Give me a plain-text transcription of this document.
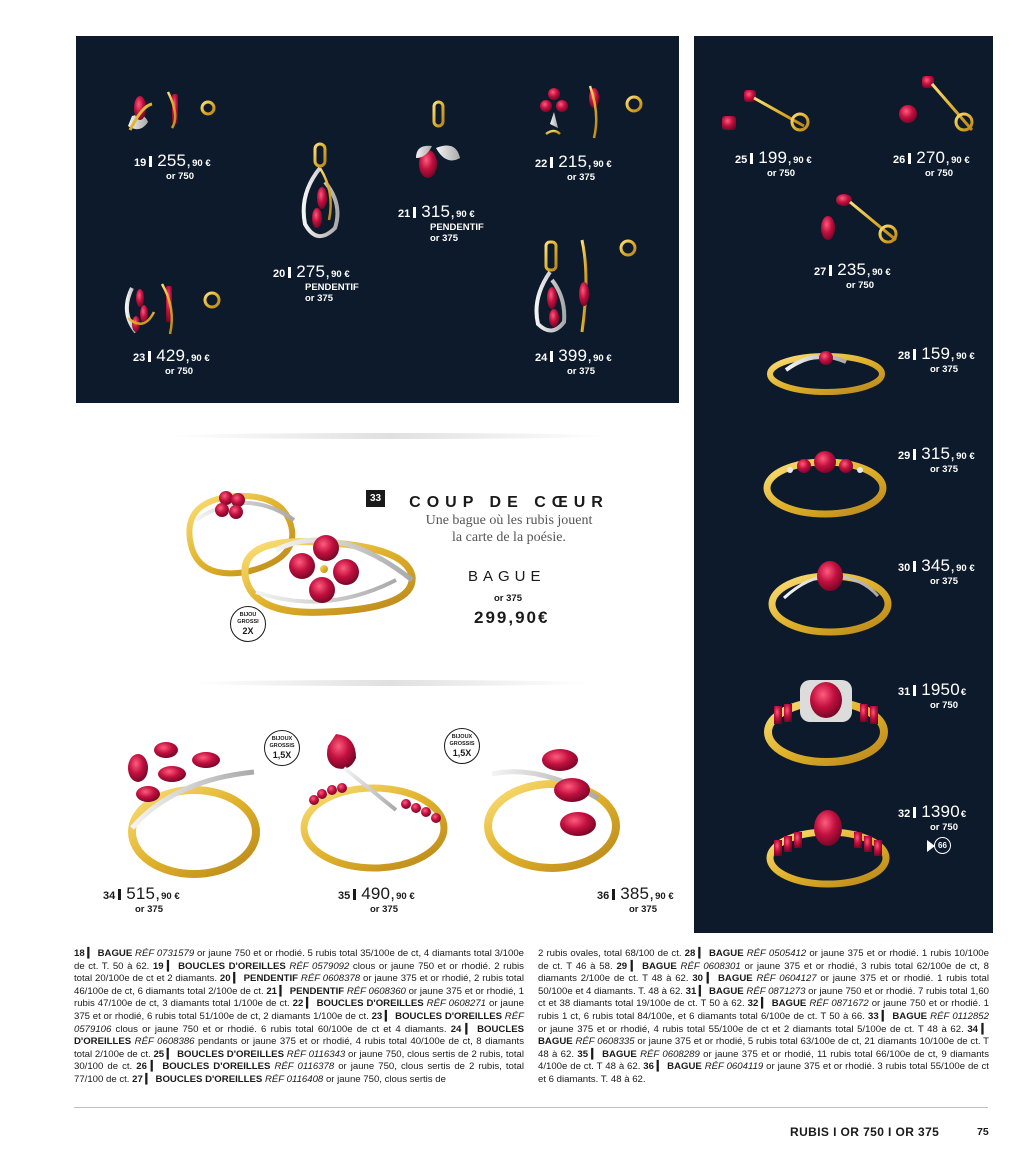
19 255, 90 €
or 750
20 275, 90 €
PENDENTIF
or 375
21 315, 90 €
PENDENTIF
or 375
22 215, 90 €
or 375
23 429, 90 €
or 750
24 399, 90 €
or 375
25 199, 90 €
or 750
26 270, 90 €
or 750
27 235, 90 €
or 750
28 159, 90 €
or 375
29 315, 90 €
or 375
30 345, 90 €
or 375
31 1950 €
or 750
32 1390 €
or 750
66
BIJOU
GROSSI
2X
33	COUP DE CŒUR
Une bague où les rubis jouent
la carte de la poésie.
BAGUE
or 375
299,90€
BIJOUX
GROSSIS
1,5X
34 515, 90 €
or 375
BIJOUX
GROSSIS
1,5X
35 490, 90 €
or 375
36 385, 90 €
or 375
18 ▎ BAGUE RÉF 0731579 or jaune 750 et or rhodié. 5 rubis total 35/100e de ct, 4 diamants total 3/100e de ct. T. 50 à 62. 19 ▎ BOUCLES D'OREILLES RÉF 0579092 clous or jaune 750 et or rhodié. 2 rubis total 20/100e de ct et 2 diamants. 20 ▎ PENDENTIF RÉF 0608378 or jaune 375 et or rhodié, 2 rubis total 46/100e de ct, 6 diamants total 2/100e de ct. 21 ▎ PENDENTIF RÉF 0608360 or jaune 375 et or rhodié, 1 rubis 47/100e de ct, 3 diamants total 1/100e de ct. 22 ▎ BOUCLES D'OREILLES RÉF 0608271 or jaune 375 et or rhodié, 6 rubis total 51/100e de ct, 2 diamants 1/100e de ct. 23 ▎ BOUCLES D'OREILLES RÉF 0579106 clous or jaune 750 et or rhodié. 6 rubis total 60/100e de ct et 4 diamants. 24 ▎ BOUCLES D'OREILLES RÉF 0608386 pendants or jaune 375 et or rhodié, 4 rubis total 40/100e de ct, 8 diamants total 2/100e de ct. 25 ▎ BOUCLES D'OREILLES RÉF 0116343 or jaune 750, clous sertis de 2 rubis, total 30/100 de ct. 26 ▎ BOUCLES D'OREILLES RÉF 0116378 or jaune 750, clous sertis de 2 rubis, total 77/100 de ct. 27 ▎ BOUCLES D'OREILLES RÉF 0116408 or jaune 750, clous sertis de
2 rubis ovales, total 68/100 de ct. 28 ▎ BAGUE RÉF 0505412 or jaune 375 et or rhodié. 1 rubis 10/100e de ct. T 46 à 58. 29 ▎ BAGUE RÉF 0608301 or jaune 375 et or rhodié, 3 rubis total 62/100e de ct, 8 diamants 2/100e de ct. T 48 à 62. 30 ▎ BAGUE RÉF 0604127 or jaune 375 et or rhodié. 1 rubis total 50/100e et 4 diamants. T. 48 à 62. 31 ▎ BAGUE RÉF 0871273 or jaune 750 et or rhodié. 7 rubis total 1,60 ct et 38 diamants total 19/100e de ct. T 50 à 62. 32 ▎ BAGUE RÉF 0871672 or jaune 750 et or rhodié. 1 rubis 1 ct, 6 rubis total 84/100e, et 6 diamants total 6/100e de ct. T 50 à 66. 33 ▎ BAGUE RÉF 0112852 or jaune 375 et or rhodié, 4 rubis total 55/100e de ct et 2 diamants total 5/100e de ct. T 48 à 62. 34 ▎ BAGUE RÉF 0608335 or jaune 375 et or rhodié, 5 rubis total 63/100e de ct, 21 diamants 10/100e de ct. T 48 à 62. 35 ▎ BAGUE RÉF 0608289 or jaune 375 et or rhodié, 11 rubis total 66/100e de ct, 9 diamants 4/100e de ct. T 48 à 62. 36 ▎ BAGUE RÉF 0604119 or jaune 375 et or rhodié. 3 rubis total 55/100e de ct et 6 diamants. T. 48 à 62.
RUBIS I OR 750 I OR 375	75
